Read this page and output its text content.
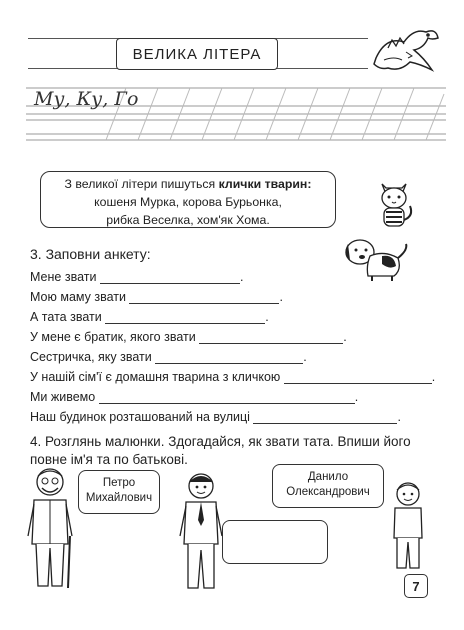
ВЕЛИКА ЛІТЕРА
Му, Ку, Го
З великої літери пишуться клички тварин:
кошеня Мурка, корова Бурьонка,
рибка Веселка, хом'як Хома.
3. Заповни анкету:
Мене звати	.
Мою маму звати	.
А тата звати	.
У мене є братик, якого звати	.
Сестричка, яку звати	.
У нашій сім'ї є домашня тварина з кличкою	.
Ми живемо	.
Наш будинок розташований на вулиці	.
4. Розглянь малюнки. Здогадайся, як звати тата. Впиши його
повне ім'я та по батькові.
Петро
Михайлович
Данило
Олександрович
7
